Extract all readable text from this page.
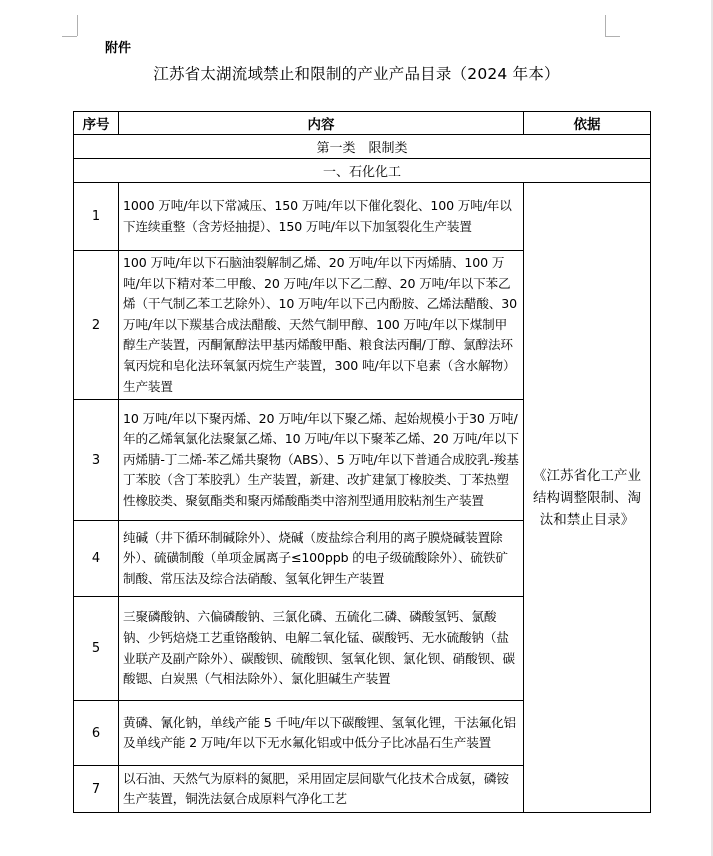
附件
江苏省太湖流域禁止和限制的产业产品目录（2024 年本）
序号	内容	依据
第一类　限制类		
一、石化化工		
1	1000 万吨/年以下常减压、150 万吨/年以下催化裂化、100 万吨/年以下连续重整（含芳烃抽提）、150 万吨/年以下加氢裂化生产装置	《江苏省化工产业结构调整限制、淘汰和禁止目录》
2	100 万吨/年以下石脑油裂解制乙烯、20 万吨/年以下丙烯腈、100 万吨/年以下精对苯二甲酸、20 万吨/年以下乙二醇、20 万吨/年以下苯乙烯（干气制乙苯工艺除外）、10 万吨/年以下己内酚胺、乙烯法醋酸、30 万吨/年以下羰基合成法醋酸、天然气制甲醇、100 万吨/年以下煤制甲醇生产装置，丙酮氰醇法甲基丙烯酸甲酯、粮食法丙酮/丁醇、氯醇法环氧丙烷和皂化法环氧氯丙烷生产装置，300 吨/年以下皂素（含水解物）生产装置	
3	10 万吨/年以下聚丙烯、20 万吨/年以下聚乙烯、起始规模小于30 万吨/年的乙烯氧氯化法聚氯乙烯、10 万吨/年以下聚苯乙烯、20 万吨/年以下丙烯腈-丁二烯-苯乙烯共聚物（ABS）、5 万吨/年以下普通合成胶乳-羧基丁苯胶（含丁苯胶乳）生产装置，新建、改扩建氯丁橡胶类、丁苯热塑性橡胶类、聚氨酯类和聚丙烯酸酯类中溶剂型通用胶粘剂生产装置	
4	纯碱（井下循环制碱除外）、烧碱（废盐综合利用的离子膜烧碱装置除外）、硫磺制酸（单项金属离子≤100ppb 的电子级硫酸除外）、硫铁矿制酸、常压法及综合法硝酸、氢氧化钾生产装置	
5	三聚磷酸钠、六偏磷酸钠、三氯化磷、五硫化二磷、磷酸氢钙、氯酸钠、少钙焙烧工艺重铬酸钠、电解二氧化锰、碳酸钙、无水硫酸钠（盐业联产及副产除外）、碳酸钡、硫酸钡、氢氧化钡、氯化钡、硝酸钡、碳酸锶、白炭黑（气相法除外）、氯化胆碱生产装置	
6	黄磷、氰化钠，单线产能 5 千吨/年以下碳酸锂、氢氧化锂，干法氟化铝及单线产能 2 万吨/年以下无水氟化铝或中低分子比冰晶石生产装置	
7	以石油、天然气为原料的氮肥，采用固定层间歇气化技术合成氨，磷铵生产装置，铜洗法氨合成原料气净化工艺	
